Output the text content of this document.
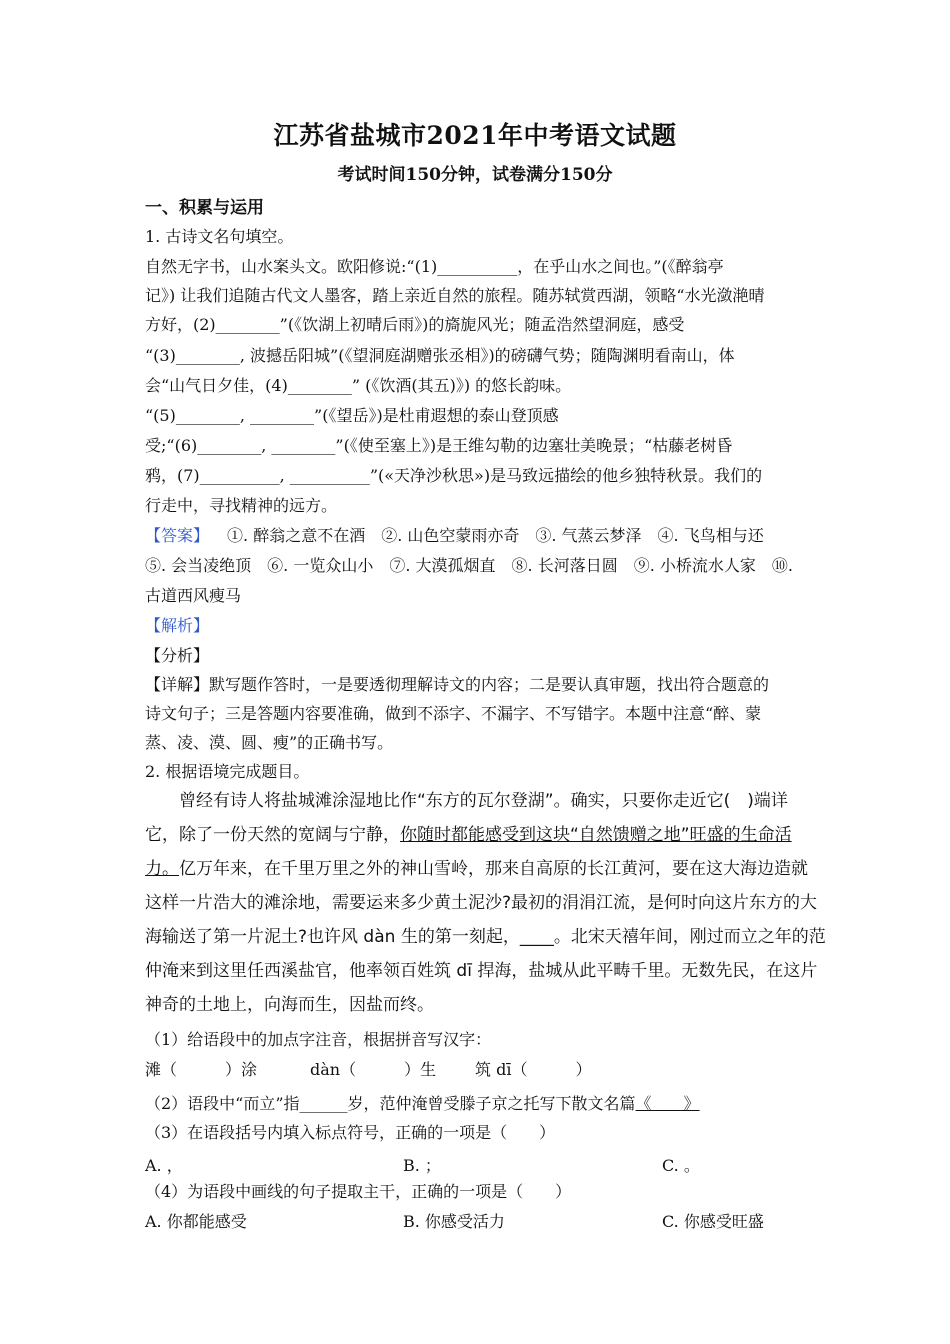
江苏省盐城市2021年中考语文试题
考试时间150分钟，试卷满分150分
一、积累与运用
1. 古诗文名句填空。
自然无字书，山水案头文。欧阳修说:“(1)__________，在乎山水之间也。”(《醉翁亭
记》) 让我们追随古代文人墨客，踏上亲近自然的旅程。随苏轼赏西湖，领略“水光潋滟晴
方好，(2)________”(《饮湖上初晴后雨》)的旖旎风光；随孟浩然望洞庭，感受
“(3)________, 波撼岳阳城”(《望洞庭湖赠张丞相》)的磅礴气势；随陶渊明看南山，体
会“山气日夕佳，(4)________” (《饮酒(其五)》) 的悠长韵味。
“(5)________, ________”(《望岳》)是杜甫遐想的泰山登顶感
受;“(6)________, ________”(《使至塞上》)是王维勾勒的边塞壮美晚景；“枯藤老树昏
鸦，(7)__________, __________”(«天净沙秋思»)是马致远描绘的他乡独特秋景。我们的
行走中，寻找精神的远方。
【答案】 ①. 醉翁之意不在酒　②. 山色空蒙雨亦奇　③. 气蒸云梦泽　④. 飞鸟相与还
⑤. 会当凌绝顶　⑥. 一览众山小　⑦. 大漠孤烟直　⑧. 长河落日圆　⑨. 小桥流水人家　⑩.
古道西风瘦马
【解析】
【分析】
【详解】默写题作答时，一是要透彻理解诗文的内容；二是要认真审题，找出符合题意的
诗文句子；三是答题内容要准确，做到不添字、不漏字、不写错字。本题中注意“醉、蒙
蒸、凌、漠、圆、瘦”的正确书写。
2. 根据语境完成题目。
曾经有诗人将盐城滩涂湿地比作“东方的瓦尔登湖”。确实，只要你走近它(　)端详
它，除了一份天然的宽阔与宁静，你随时都能感受到这块“自然馈赠之地”旺盛的生命活
力。亿万年来，在千里万里之外的神山雪岭，那来自高原的长江黄河，要在这大海边造就
这样一片浩大的滩涂地，需要运来多少黄土泥沙?最初的涓涓江流，是何时向这片东方的大
海输送了第一片泥土?也许风 dàn 生的第一刻起，____。北宋天禧年间，刚过而立之年的范
仲淹来到这里任西溪盐官，他率领百姓筑 dī 捍海，盐城从此平畴千里。无数先民，在这片
神奇的土地上，向海而生，因盐而终。
（1）给语段中的加点字注音，根据拼音写汉字：
滩（　　　）涂	dàn（　　　）生 筑 dī（　　　）
（2）语段中“而立”指______岁，范仲淹曾受滕子京之托写下散文名篇《　　》
（3）在语段括号内填入标点符号，正确的一项是（　　）
A. ，	B. ；	C. 。
（4）为语段中画线的句子提取主干，正确的一项是（　　）
A. 你都能感受	B. 你感受活力	C. 你感受旺盛
